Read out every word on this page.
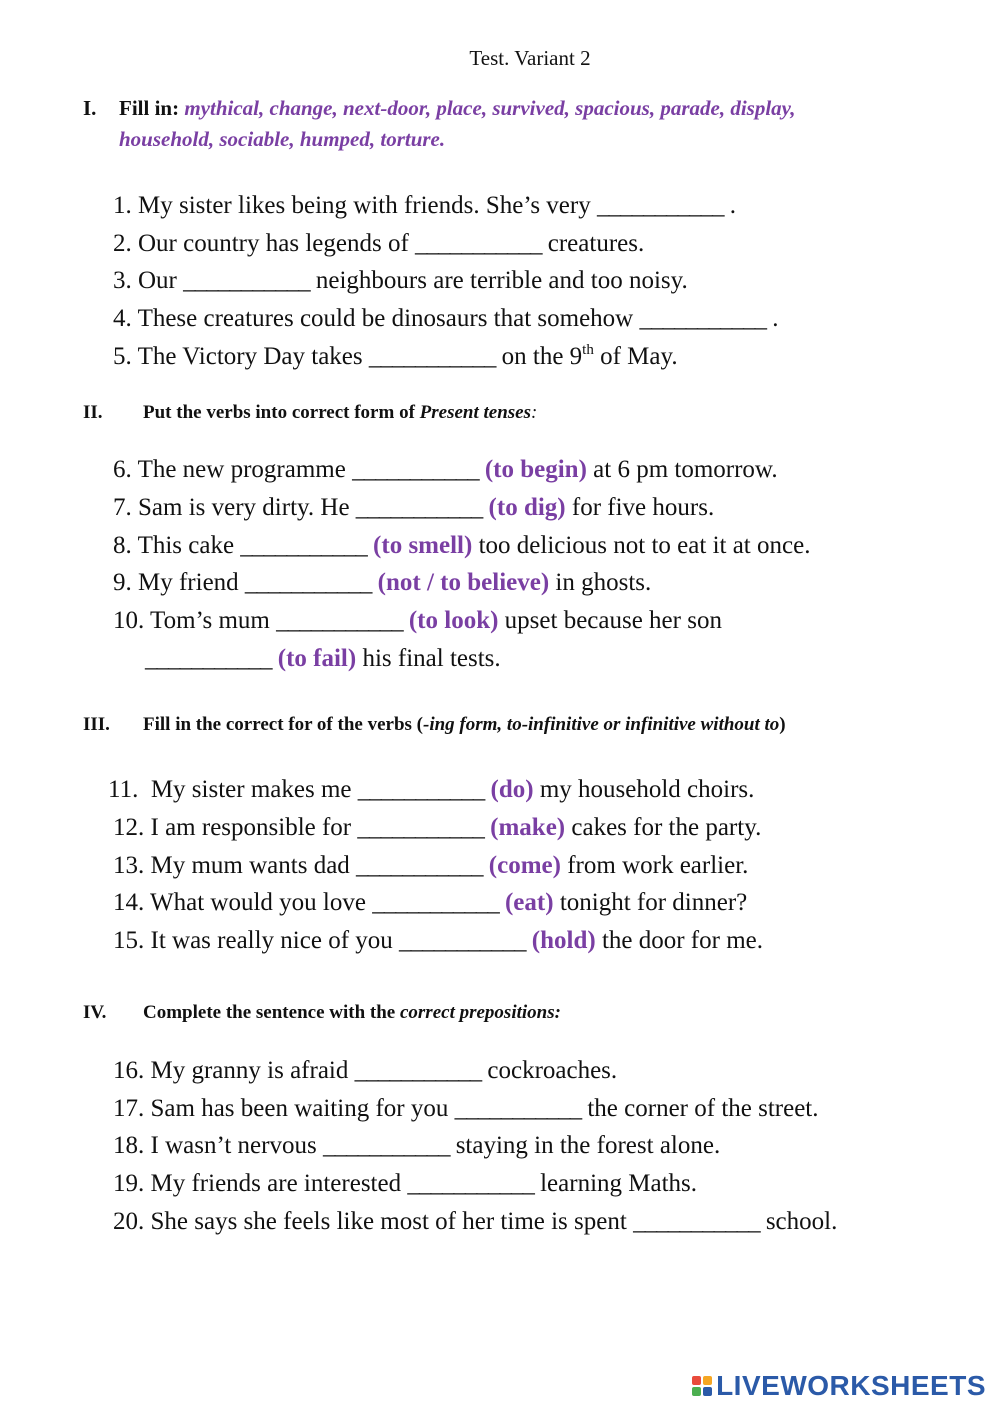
Test. Variant 2
I. Fill in: mythical, change, next-door, place, survived, spacious, parade, display,
household, sociable, humped, torture.
1. My sister likes being with friends. She’s very ___________ .
2. Our country has legends of ___________ creatures.
3. Our ___________ neighbours are terrible and too noisy.
4. These creatures could be dinosaurs that somehow ___________ .
5. The Victory Day takes ___________ on the 9th of May.
II. Put the verbs into correct form of Present tenses:
6. The new programme ___________ (to begin) at 6 pm tomorrow.
7. Sam is very dirty. He ___________ (to dig) for five hours.
8. This cake ___________ (to smell) too delicious not to eat it at once.
9. My friend ___________ (not / to believe) in ghosts.
10. Tom’s mum ___________ (to look) upset because her son
___________ (to fail) his final tests.
III. Fill in the correct for of the verbs (-ing form, to-infinitive or infinitive without to)
11.  My sister makes me ___________ (do) my household choirs.
12. I am responsible for ___________ (make) cakes for the party.
13. My mum wants dad ___________ (come) from work earlier.
14. What would you love ___________ (eat) tonight for dinner?
15. It was really nice of you ___________ (hold) the door for me.
IV. Complete the sentence with the correct prepositions:
16. My granny is afraid ___________ cockroaches.
17. Sam has been waiting for you ___________ the corner of the street.
18. I wasn’t nervous ___________ staying in the forest alone.
19. My friends are interested ___________ learning Maths.
20. She says she feels like most of her time is spent ___________ school.
LIVEWORKSHEETS
